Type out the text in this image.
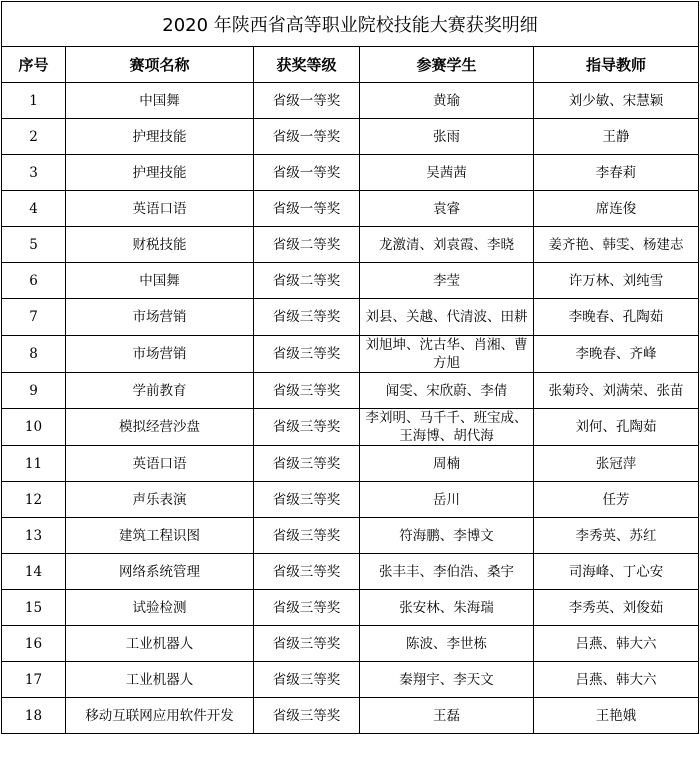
2020 年陕西省高等职业院校技能大赛获奖明细				
序号	赛项名称	获奖等级	参赛学生	指导教师
1	中国舞	省级一等奖	黄瑜	刘少敏、宋慧颖
2	护理技能	省级一等奖	张雨	王静
3	护理技能	省级一等奖	吴茜茜	李春莉
4	英语口语	省级一等奖	袁睿	席连俊
5	财税技能	省级二等奖	龙激清、刘袁霞、李晓	姜齐艳、韩雯、杨建志
6	中国舞	省级二等奖	李莹	许万林、刘纯雪
7	市场营销	省级三等奖	刘县、关越、代清波、田耕	李晚春、孔陶茹
8	市场营销	省级三等奖	刘旭坤、沈古华、肖湘、曹方旭	李晚春、齐峰
9	学前教育	省级三等奖	闻雯、宋欣蔚、李倩	张菊玲、刘满荣、张苗
10	模拟经营沙盘	省级三等奖	李刘明、马千千、班宝成、王海博、胡代海	刘何、孔陶茹
11	英语口语	省级三等奖	周楠	张冠萍
12	声乐表演	省级三等奖	岳川	任芳
13	建筑工程识图	省级三等奖	符海鹏、李博文	李秀英、苏红
14	网络系统管理	省级三等奖	张丰丰、李伯浩、桑宇	司海峰、丁心安
15	试验检测	省级三等奖	张安林、朱海瑞	李秀英、刘俊茹
16	工业机器人	省级三等奖	陈波、李世栋	吕燕、韩大六
17	工业机器人	省级三等奖	秦翔宇、李天文	吕燕、韩大六
18	移动互联网应用软件开发	省级三等奖	王磊	王艳娥
